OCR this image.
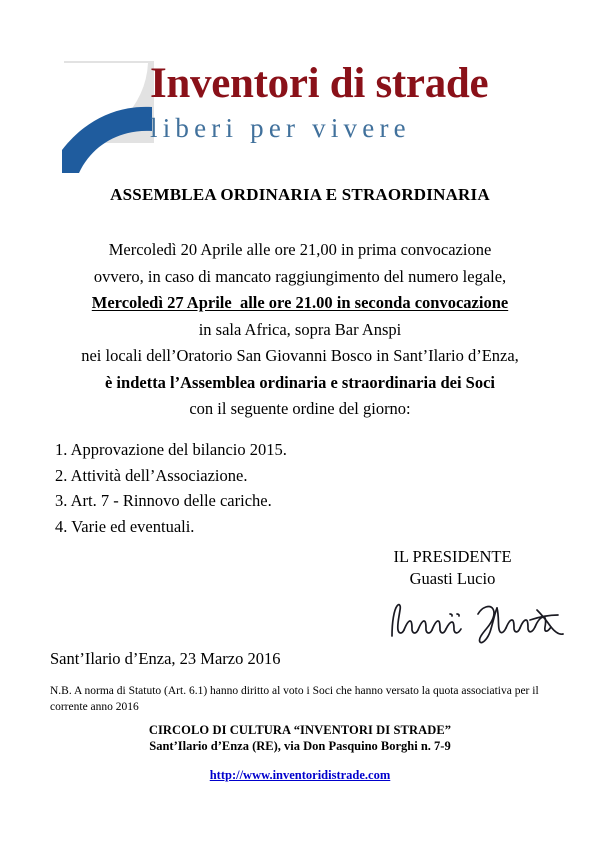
Inventori di strade
liberi per vivere
ASSEMBLEA ORDINARIA E STRAORDINARIA
Mercoledì 20 Aprile alle ore 21,00 in prima convocazione
ovvero, in caso di mancato raggiungimento del numero legale,
Mercoledì 27 Aprile  alle ore 21.00 in seconda convocazione
in sala Africa, sopra Bar Anspi
nei locali dell’Oratorio San Giovanni Bosco in Sant’Ilario d’Enza,
è indetta l’Assemblea ordinaria e straordinaria dei Soci
con il seguente ordine del giorno:
1. Approvazione del bilancio 2015.
2. Attività dell’Associazione.
3. Art. 7 - Rinnovo delle cariche.
4. Varie ed eventuali.
IL PRESIDENTE
Guasti Lucio
Sant’Ilario d’Enza, 23 Marzo 2016
N.B. A norma di Statuto (Art. 6.1) hanno diritto al voto i Soci che hanno versato la quota associativa per il corrente anno 2016
CIRCOLO DI CULTURA “INVENTORI DI STRADE”
Sant’Ilario d’Enza (RE), via Don Pasquino Borghi n. 7-9
http://www.inventoridistrade.com
